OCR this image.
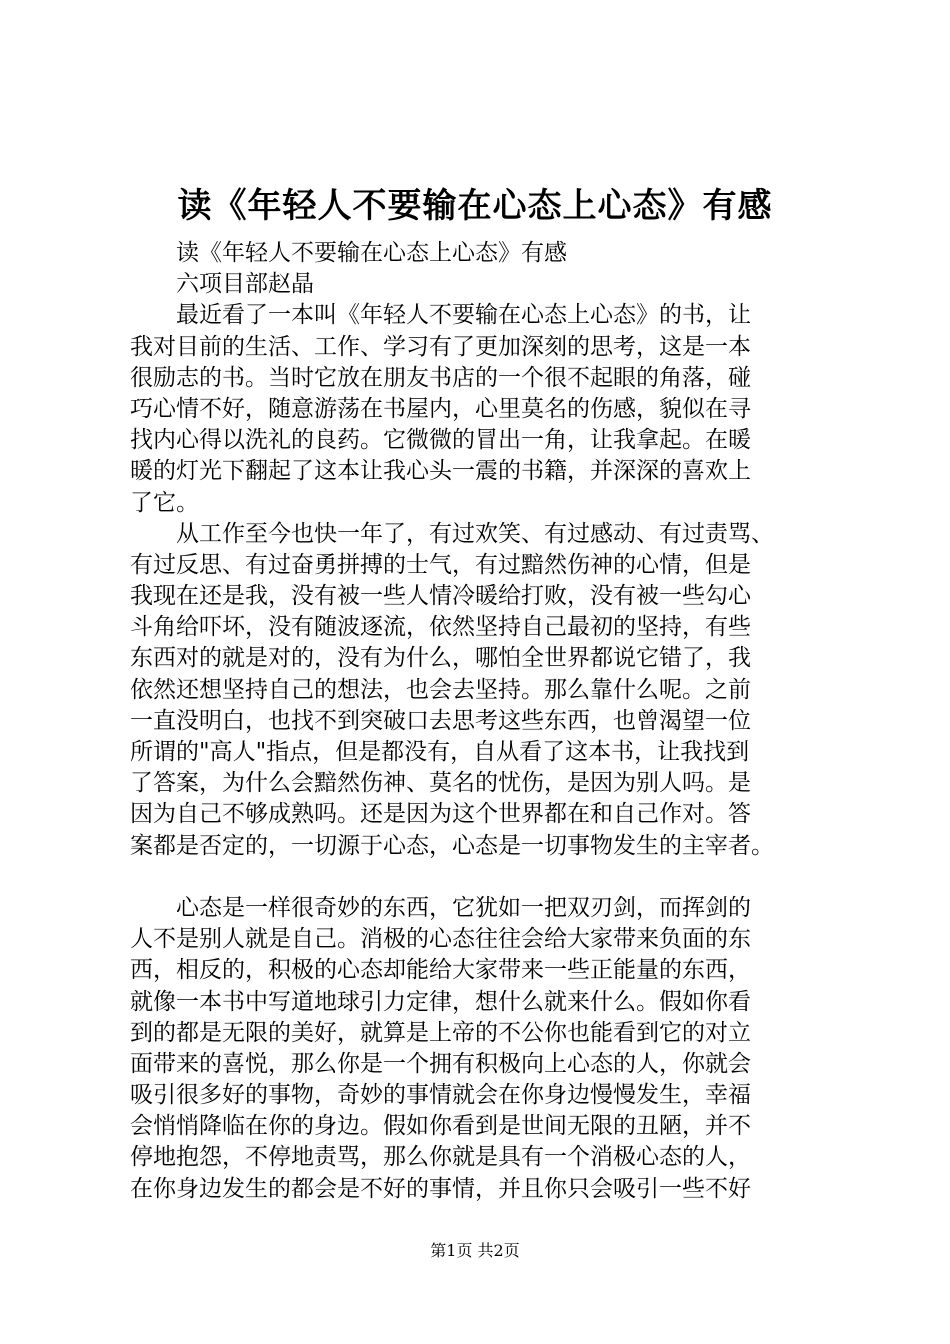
读《年轻人不要输在心态上心态》有感
　　读《年轻人不要输在心态上心态》有感
　　六项目部赵晶
　　最近看了一本叫《年轻人不要输在心态上心态》的书，让
我对目前的生活、工作、学习有了更加深刻的思考，这是一本
很励志的书。当时它放在朋友书店的一个很不起眼的角落，碰
巧心情不好，随意游荡在书屋内，心里莫名的伤感，貌似在寻
找内心得以洗礼的良药。它微微的冒出一角，让我拿起。在暖
暖的灯光下翻起了这本让我心头一震的书籍，并深深的喜欢上
了它。
　　从工作至今也快一年了，有过欢笑、有过感动、有过责骂、
有过反思、有过奋勇拼搏的士气，有过黯然伤神的心情，但是
我现在还是我，没有被一些人情冷暖给打败，没有被一些勾心
斗角给吓坏，没有随波逐流，依然坚持自己最初的坚持，有些
东西对的就是对的，没有为什么，哪怕全世界都说它错了，我
依然还想坚持自己的想法，也会去坚持。那么靠什么呢。之前
一直没明白，也找不到突破口去思考这些东西，也曾渴望一位
所谓的"高人"指点，但是都没有，自从看了这本书，让我找到
了答案，为什么会黯然伤神、莫名的忧伤，是因为别人吗。是
因为自己不够成熟吗。还是因为这个世界都在和自己作对。答
案都是否定的，一切源于心态，心态是一切事物发生的主宰者。
　　心态是一样很奇妙的东西，它犹如一把双刃剑，而挥剑的
人不是别人就是自己。消极的心态往往会给大家带来负面的东
西，相反的，积极的心态却能给大家带来一些正能量的东西，
就像一本书中写道地球引力定律，想什么就来什么。假如你看
到的都是无限的美好，就算是上帝的不公你也能看到它的对立
面带来的喜悦，那么你是一个拥有积极向上心态的人，你就会
吸引很多好的事物，奇妙的事情就会在你身边慢慢发生，幸福
会悄悄降临在你的身边。假如你看到是世间无限的丑陋，并不
停地抱怨，不停地责骂，那么你就是具有一个消极心态的人，
在你身边发生的都会是不好的事情，并且你只会吸引一些不好
第1页 共2页
